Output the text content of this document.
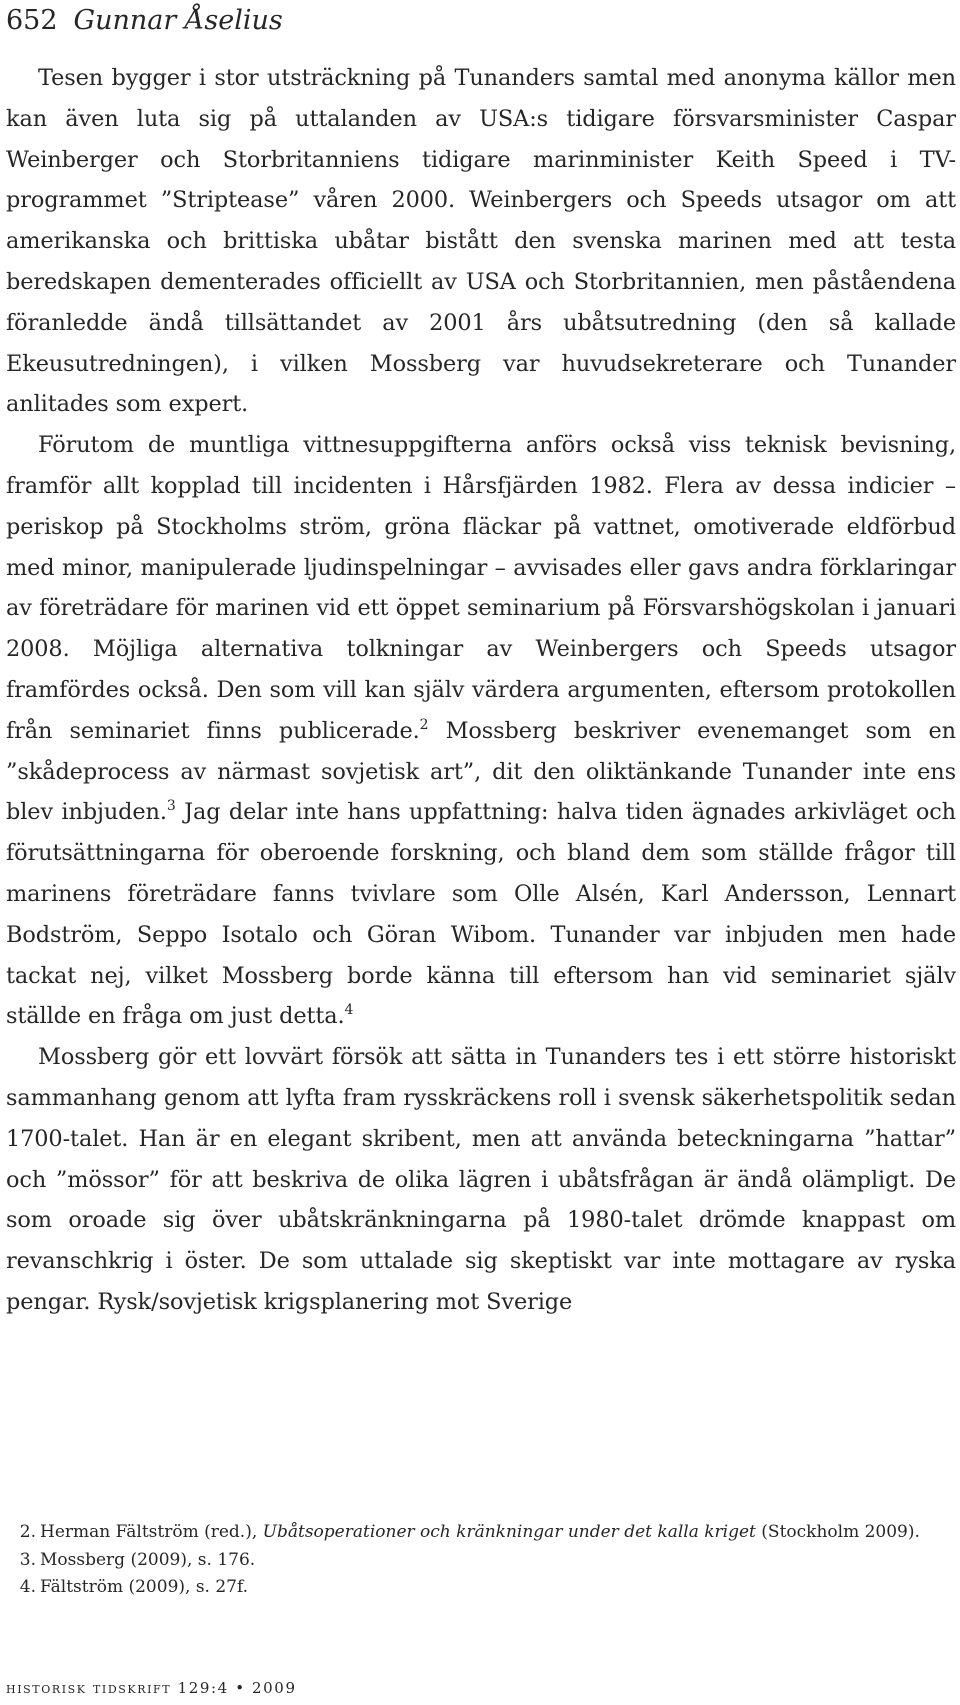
652 Gunnar Åselius

Tesen bygger i stor utsträckning på Tunanders samtal med anonyma källor men kan även luta sig på uttalanden av USA:s tidigare försvarsminister Caspar Weinberger och Storbritanniens tidigare marinminister Keith Speed i TV-programmet ”Striptease” våren 2000. Weinbergers och Speeds utsagor om att amerikanska och brittiska ubåtar bistått den svenska marinen med att testa beredskapen dementerades officiellt av USA och Storbritannien, men påståendena föranledde ändå tillsättandet av 2001 års ubåtsutredning (den så kallade Ekeusutredningen), i vilken Mossberg var huvudsekreterare och Tunander anlitades som expert.

Förutom de muntliga vittnesuppgifterna anförs också viss teknisk bevisning, framför allt kopplad till incidenten i Hårsfjärden 1982. Flera av dessa indicier – periskop på Stockholms ström, gröna fläckar på vattnet, omotiverade eldförbud med minor, manipulerade ljudinspelningar – avvisades eller gavs andra förklaringar av företrädare för marinen vid ett öppet seminarium på Försvarshögskolan i januari 2008. Möjliga alternativa tolkningar av Weinbergers och Speeds utsagor framfördes också. Den som vill kan själv värdera argumenten, eftersom protokollen från seminariet finns publicerade.$^2$ Mossberg beskriver evenemanget som en ”skådeprocess av närmast sovjetisk art”, dit den oliktänkande Tunander inte ens blev inbjuden.$^3$ Jag delar inte hans uppfattning: halva tiden ägnades arkivläget och förutsättningarna för oberoende forskning, och bland dem som ställde frågor till marinens företrädare fanns tvivlare som Olle Alsén, Karl Andersson, Lennart Bodström, Seppo Isotalo och Göran Wibom. Tunander var inbjuden men hade tackat nej, vilket Mossberg borde känna till eftersom han vid seminariet själv ställde en fråga om just detta.$^4$

Mossberg gör ett lovvärt försök att sätta in Tunanders tes i ett större historiskt sammanhang genom att lyfta fram rysskräckens roll i svensk säkerhetspolitik sedan 1700-talet. Han är en elegant skribent, men att använda beteckningarna ”hattar” och ”mössor” för att beskriva de olika lägren i ubåtsfrågan är ändå olämpligt. De som oroade sig över ubåtskränkningarna på 1980-talet drömde knappast om revanschkrig i öster. De som uttalade sig skeptiskt var inte mottagare av ryska pengar. Rysk/sovjetisk krigsplanering mot Sverige

2. Herman Fältström (red.), Ubåtsoperationer och kränkningar under det kalla kriget (Stockholm 2009).
3. Mossberg (2009), s. 176.
4. Fältström (2009), s. 27f.
historisk tidskrift 129:4 • 2009
